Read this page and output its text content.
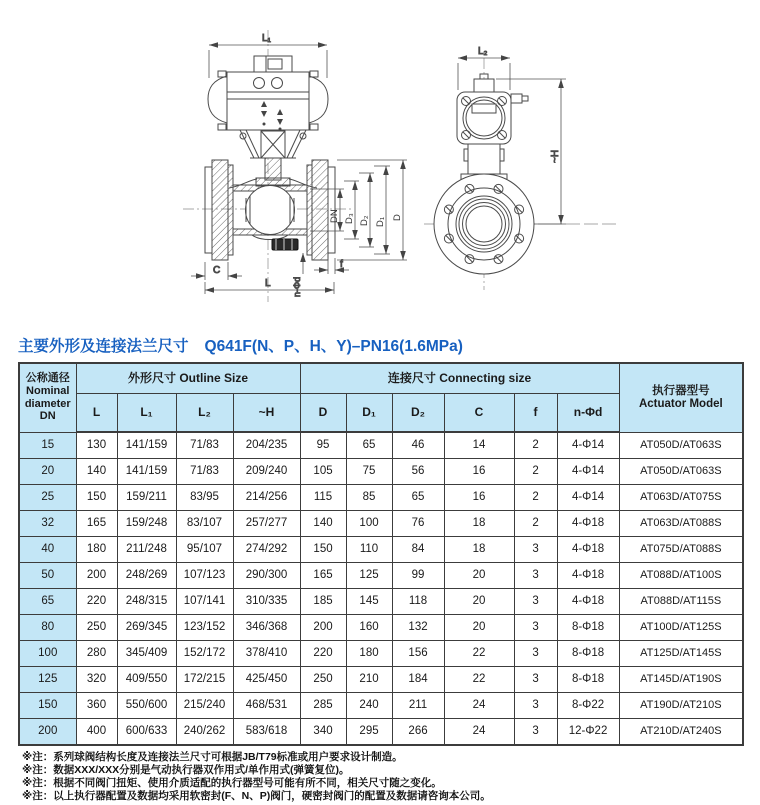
L₁
DN D₃ D₂ D₁ D
C
n-Φd
f
L
L₂
~H
主要外形及连接法兰尺寸 Q641F(N、P、H、Y)–PN16(1.6MPa)
公称通径
Nominal
diameter
DN	外形尺寸 Outline Size				连接尺寸 Connecting size						执行器型号
Actuator Model

	L	L₁	L₂	~H	D	D₁	D₂	C	f	n-Φd	
15	130	141/159	71/83	204/235	95	65	46	14	2	4-Φ14	AT050D/AT063S
20	140	141/159	71/83	209/240	105	75	56	16	2	4-Φ14	AT050D/AT063S
25	150	159/211	83/95	214/256	115	85	65	16	2	4-Φ14	AT063D/AT075S
32	165	159/248	83/107	257/277	140	100	76	18	2	4-Φ18	AT063D/AT088S
40	180	211/248	95/107	274/292	150	110	84	18	3	4-Φ18	AT075D/AT088S
50	200	248/269	107/123	290/300	165	125	99	20	3	4-Φ18	AT088D/AT100S
65	220	248/315	107/141	310/335	185	145	118	20	3	4-Φ18	AT088D/AT115S
80	250	269/345	123/152	346/368	200	160	132	20	3	8-Φ18	AT100D/AT125S
100	280	345/409	152/172	378/410	220	180	156	22	3	8-Φ18	AT125D/AT145S
125	320	409/550	172/215	425/450	250	210	184	22	3	8-Φ18	AT145D/AT190S
150	360	550/600	215/240	468/531	285	240	211	24	3	8-Φ22	AT190D/AT210S
200	400	600/633	240/262	583/618	340	295	266	24	3	12-Φ22	AT210D/AT240S
※注：系列球阀结构长度及连接法兰尺寸可根据JB/T79标准或用户要求设计制造。
※注：数据XXX/XXX分别是气动执行器双作用式/单作用式(弹簧复位)。
※注：根据不同阀门扭矩、使用介质适配的执行器型号可能有所不同，相关尺寸随之变化。
※注：以上执行器配置及数据均采用软密封(F、N、P)阀门，硬密封阀门的配置及数据请咨询本公司。
